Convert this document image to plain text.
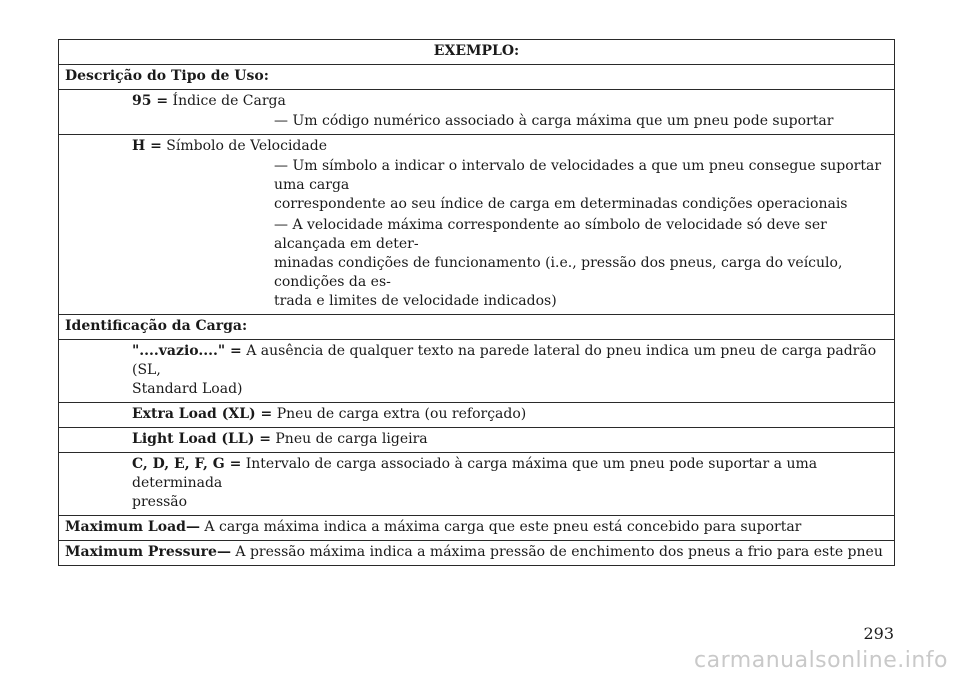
EXEMPLO:
Descrição do Tipo de Uso:
95 = Índice de Carga
— Um código numérico associado à carga máxima que um pneu pode suportar

H = Símbolo de Velocidade
— Um símbolo a indicar o intervalo de velocidades a que um pneu consegue suportar uma carga
correspondente ao seu índice de carga em determinadas condições operacionais
— A velocidade máxima correspondente ao símbolo de velocidade só deve ser alcançada em deter-
minadas condições de funcionamento (i.e., pressão dos pneus, carga do veículo, condições da es-
trada e limites de velocidade indicados)

Identificação da Carga:
"....vazio...." = A ausência de qualquer texto na parede lateral do pneu indica um pneu de carga padrão (SL,
Standard Load)
Extra Load (XL) = Pneu de carga extra (ou reforçado)
Light Load (LL) = Pneu de carga ligeira
C, D, E, F, G = Intervalo de carga associado à carga máxima que um pneu pode suportar a uma determinada
pressão
Maximum Load— A carga máxima indica a máxima carga que este pneu está concebido para suportar
Maximum Pressure— A pressão máxima indica a máxima pressão de enchimento dos pneus a frio para este pneu
293
carmanualsonline.info
